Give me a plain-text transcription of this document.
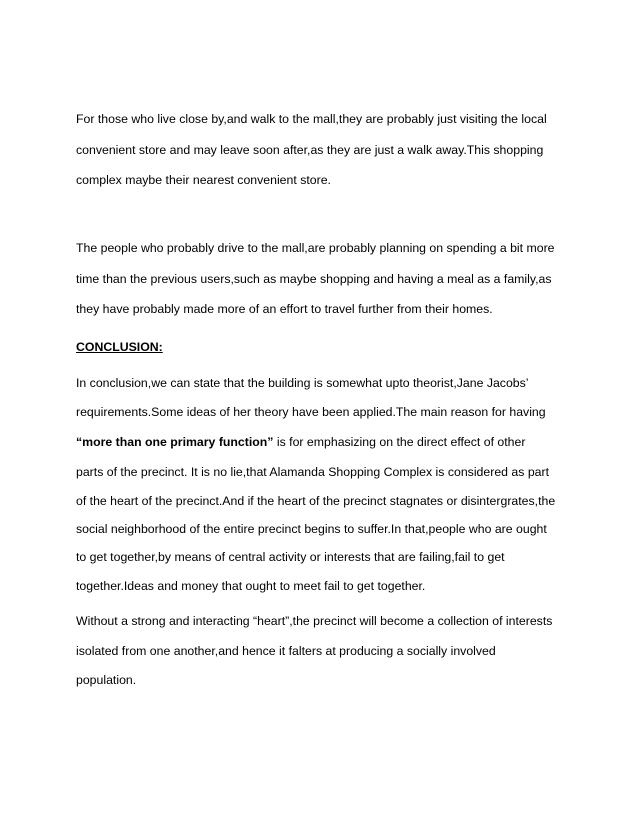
For those who live close by,and walk to the mall,they are probably just visiting the local
convenient store and may leave soon after,as they are just a walk away.This shopping
complex maybe their nearest convenient store.
The people who probably drive to the mall,are probably planning on spending a bit more
time than the previous users,such as maybe shopping and having a meal as a family,as
they have probably made more of an effort to travel further from their homes.
CONCLUSION:
In conclusion,we can state that the building is somewhat upto theorist,Jane Jacobs’
requirements.Some ideas of her theory have been applied.The main reason for having
“more than one primary function” is for emphasizing on the direct effect of other
parts of the precinct. It is no lie,that Alamanda Shopping Complex is considered as part
of the heart of the precinct.And if the heart of the precinct stagnates or disintergrates,the
social neighborhood of the entire precinct begins to suffer.In that,people who are ought
to get together,by means of central activity or interests that are failing,fail to get
together.Ideas and money that ought to meet fail to get together.
Without a strong and interacting “heart”,the precinct will become a collection of interests
isolated from one another,and hence it falters at producing a socially involved
population.
